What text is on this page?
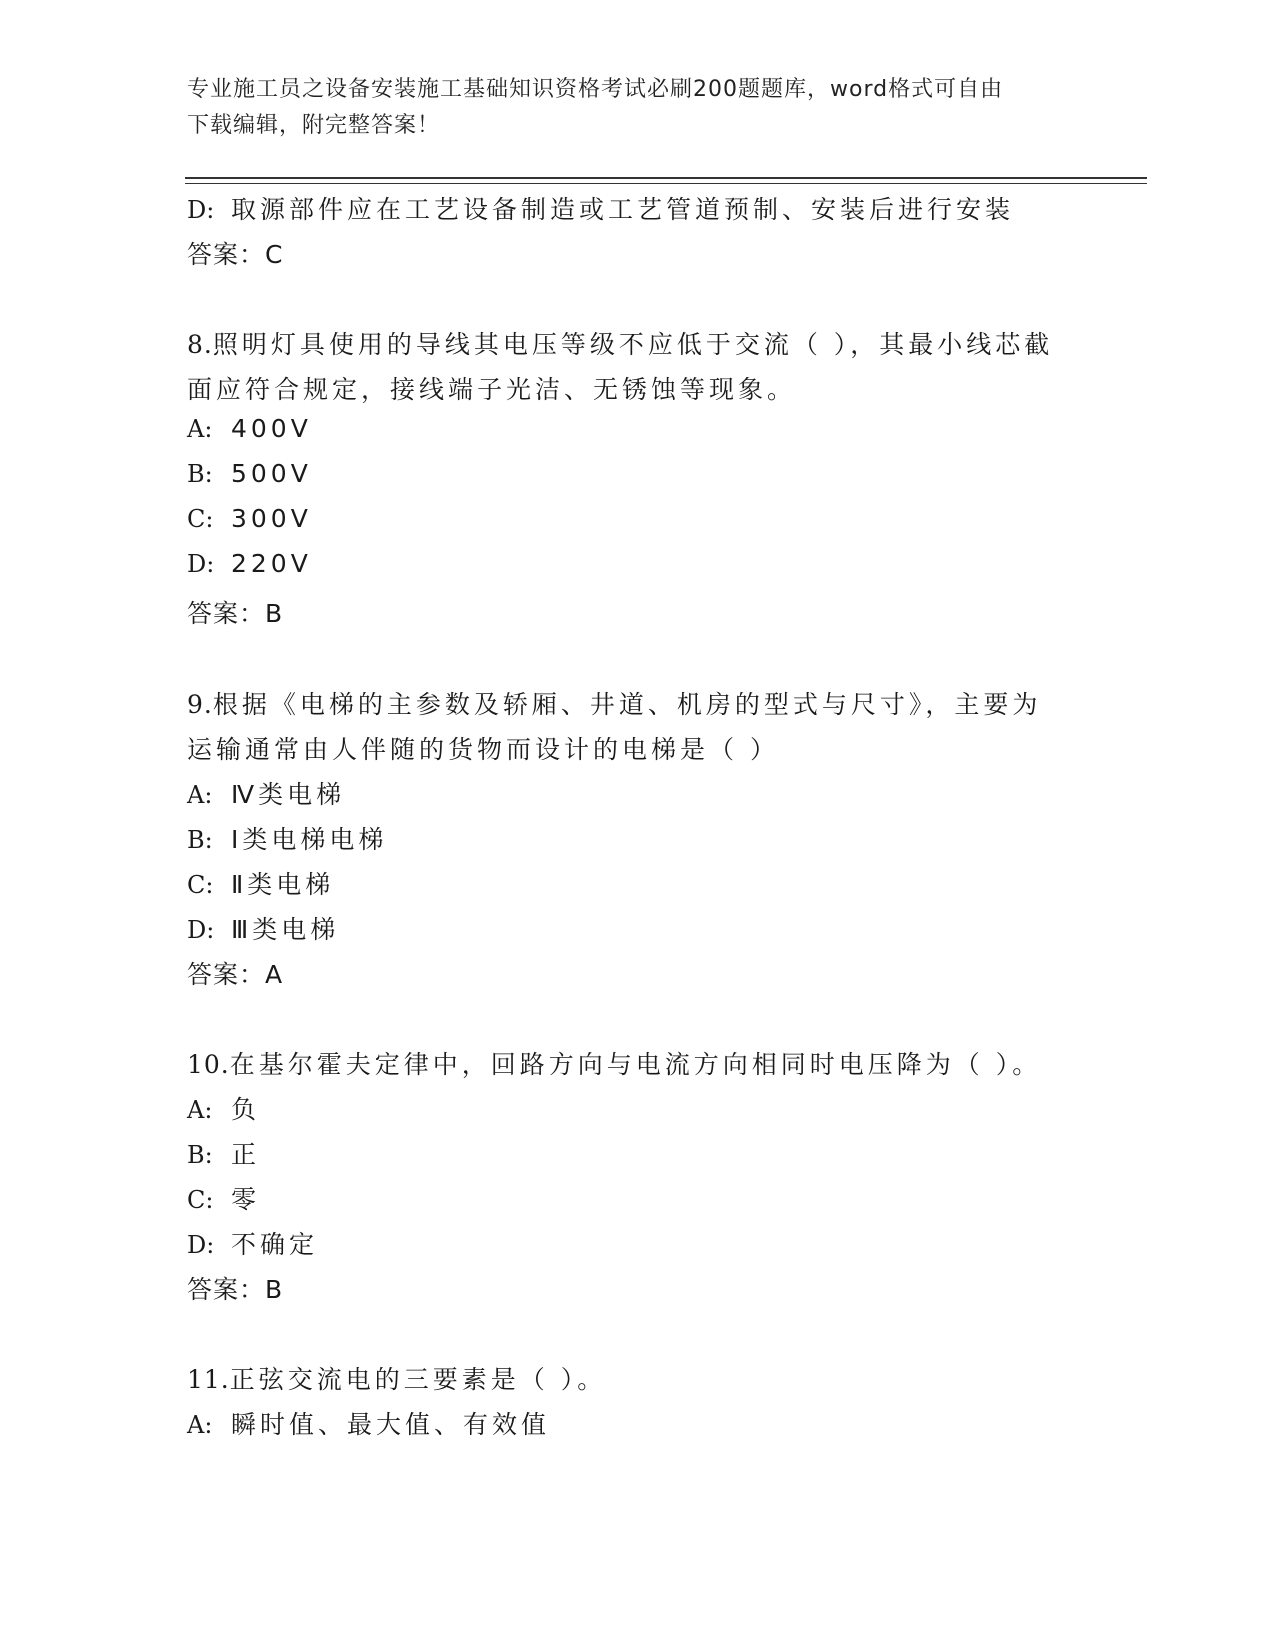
专业施工员之设备安装施工基础知识资格考试必刷200题题库，word格式可自由
下载编辑，附完整答案！
D: 取源部件应在工艺设备制造或工艺管道预制、安装后进行安装
答案：C
8.照明灯具使用的导线其电压等级不应低于交流（ ），其最小线芯截
面应符合规定，接线端子光洁、无锈蚀等现象。
A: 400V
B: 500V
C: 300V
D: 220V
答案：B
9.根据《电梯的主参数及轿厢、井道、机房的型式与尺寸》，主要为
运输通常由人伴随的货物而设计的电梯是（ ）
A: Ⅳ类电梯
B: Ⅰ类电梯电梯
C: Ⅱ类电梯
D: Ⅲ类电梯
答案：A
10.在基尔霍夫定律中，回路方向与电流方向相同时电压降为（ ）。
A: 负
B: 正
C: 零
D: 不确定
答案：B
11.正弦交流电的三要素是（ ）。
A: 瞬时值、最大值、有效值
